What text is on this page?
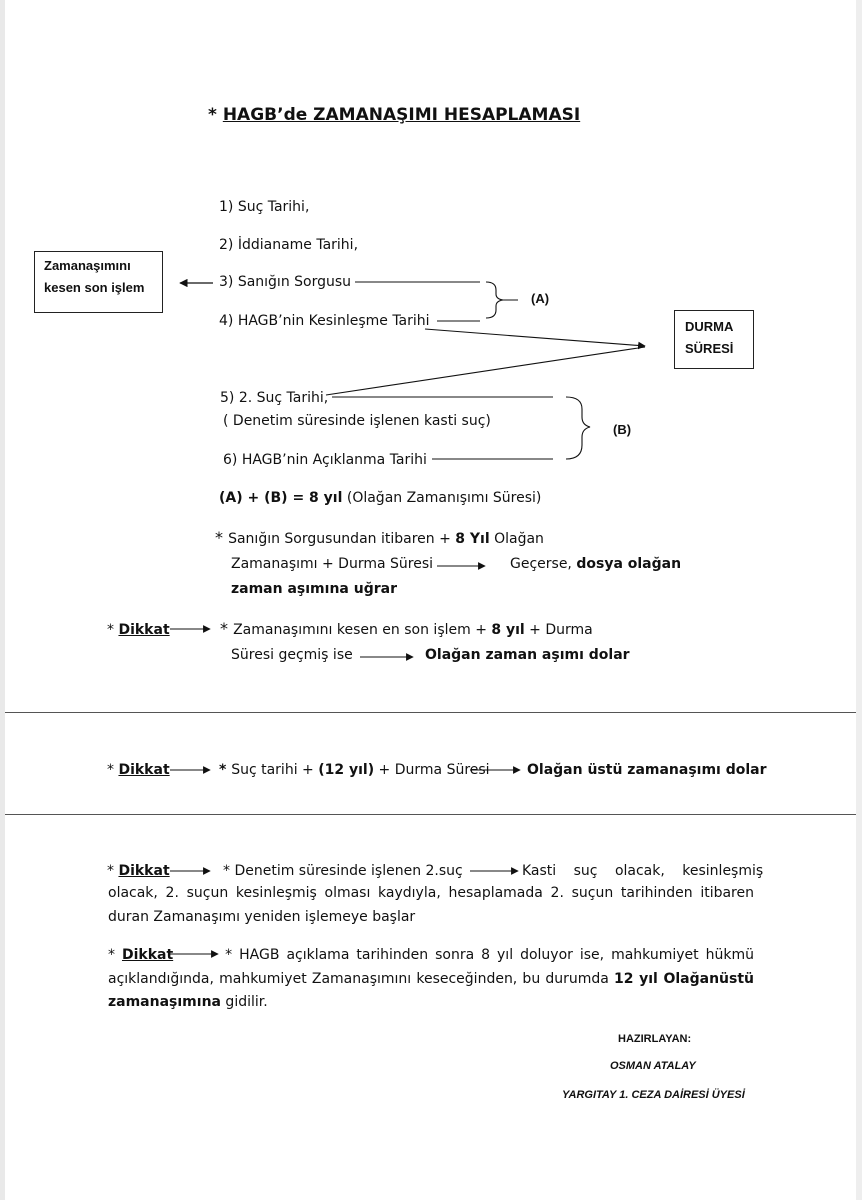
* HAGB’de ZAMANAŞIMI HESAPLAMASI
Zamanaşımını
kesen son işlem
DURMA
SÜRESİ
1) Suç Tarihi,
2) İddianame Tarihi,
3) Sanığın Sorgusu
4) HAGB’nin Kesinleşme Tarihi
5) 2. Suç Tarihi,
( Denetim süresinde işlenen kasti suç)
6) HAGB’nin Açıklanma Tarihi
(A)
(B)
(A) + (B) = 8 yıl (Olağan Zamanışımı Süresi)
* Sanığın Sorgusundan itibaren + 8 Yıl Olağan
Zamanaşımı + Durma Süresi	Geçerse, dosya olağan
zaman aşımına uğrar
* Dikkat	* Zamanaşımını kesen en son işlem + 8 yıl + Durma
Süresi geçmiş ise	Olağan zaman aşımı dolar
* Dikkat	* Suç tarihi + (12 yıl) + Durma Süresi	Olağan üstü zamanaşımı dolar
* Dikkat	* Denetim süresinde işlenen 2.suç	Kasti suç olacak, kesinleşmiş
olacak, 2. suçun kesinleşmiş olması kaydıyla, hesaplamada 2. suçun tarihinden itibaren duran Zamanaşımı yeniden işlemeye başlar
* Dikkat	* HAGB açıklama tarihinden sonra 8 yıl doluyor ise, mahkumiyet hükmü açıklandığında, mahkumiyet Zamanaşımını keseceğinden, bu durumda 12 yıl Olağanüstü zamanaşımına gidilir.
HAZIRLAYAN:
OSMAN ATALAY
YARGITAY 1. CEZA DAİRESİ ÜYESİ
